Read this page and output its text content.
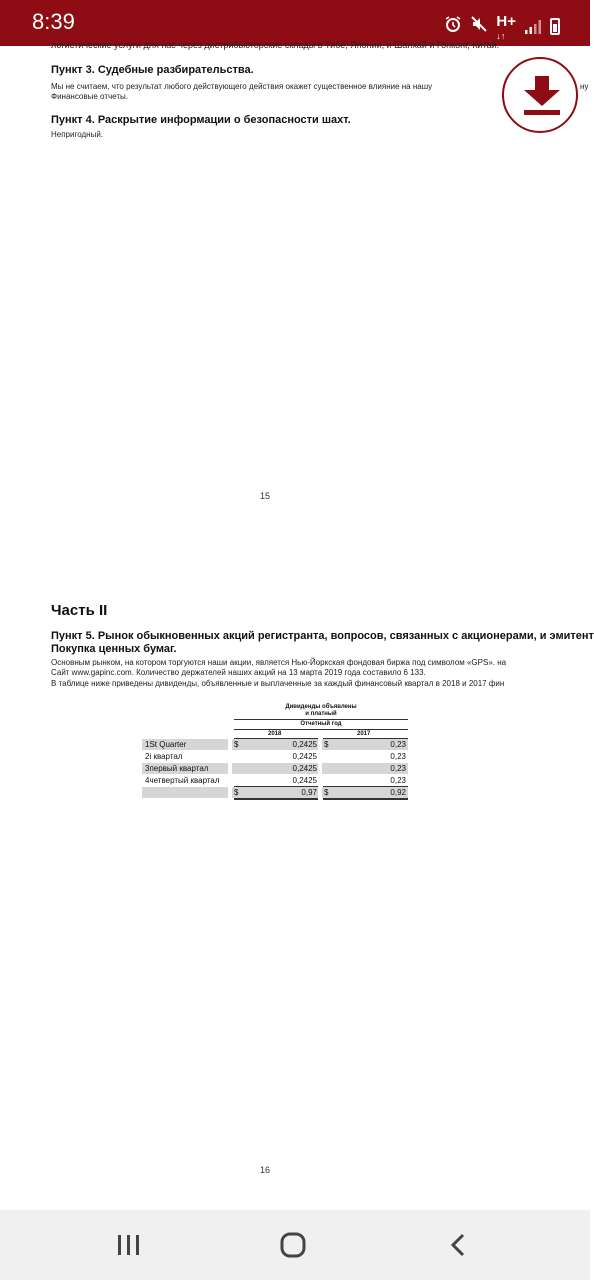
8:39	H+
↓↑
логистические услуги для нас через дистрибьюторские склады в Тибе, Японии, и Шанхай и Гонконг, Китай.
Пункт 3. Судебные разбирательства.
Мы не считаем, что результат любого действующего действия окажет существенное влияние на нашу	ну
Финансовые отчеты.
Пункт 4. Раскрытие информации о безопасности шахт.
Непригодный.
15
Часть II
Пункт 5. Рынок обыкновенных акций регистранта, вопросов, связанных с акционерами, и эмитент
Покупка ценных бумаг.
Основным рынком, на котором торгуются наши акции, является Нью-Йоркская фондовая биржа под символом «GPS». на
Сайт www.gapinc.com. Количество держателей наших акций на 13 марта 2019 года составило 6 133.
В таблице ниже приведены дивиденды, объявленные и выплаченные за каждый финансовый квартал в 2018 и 2017 фин
Дивиденды объявлены
и платный
Отчетный год
2018	2017
1St Quarter	$	0,2425 $	0,23
2і квартал	0,2425	0,23
3первый квартал	0,2425	0,23
4четвертый квартал	0,2425	0,23
$	0,97 $	0,92
16
